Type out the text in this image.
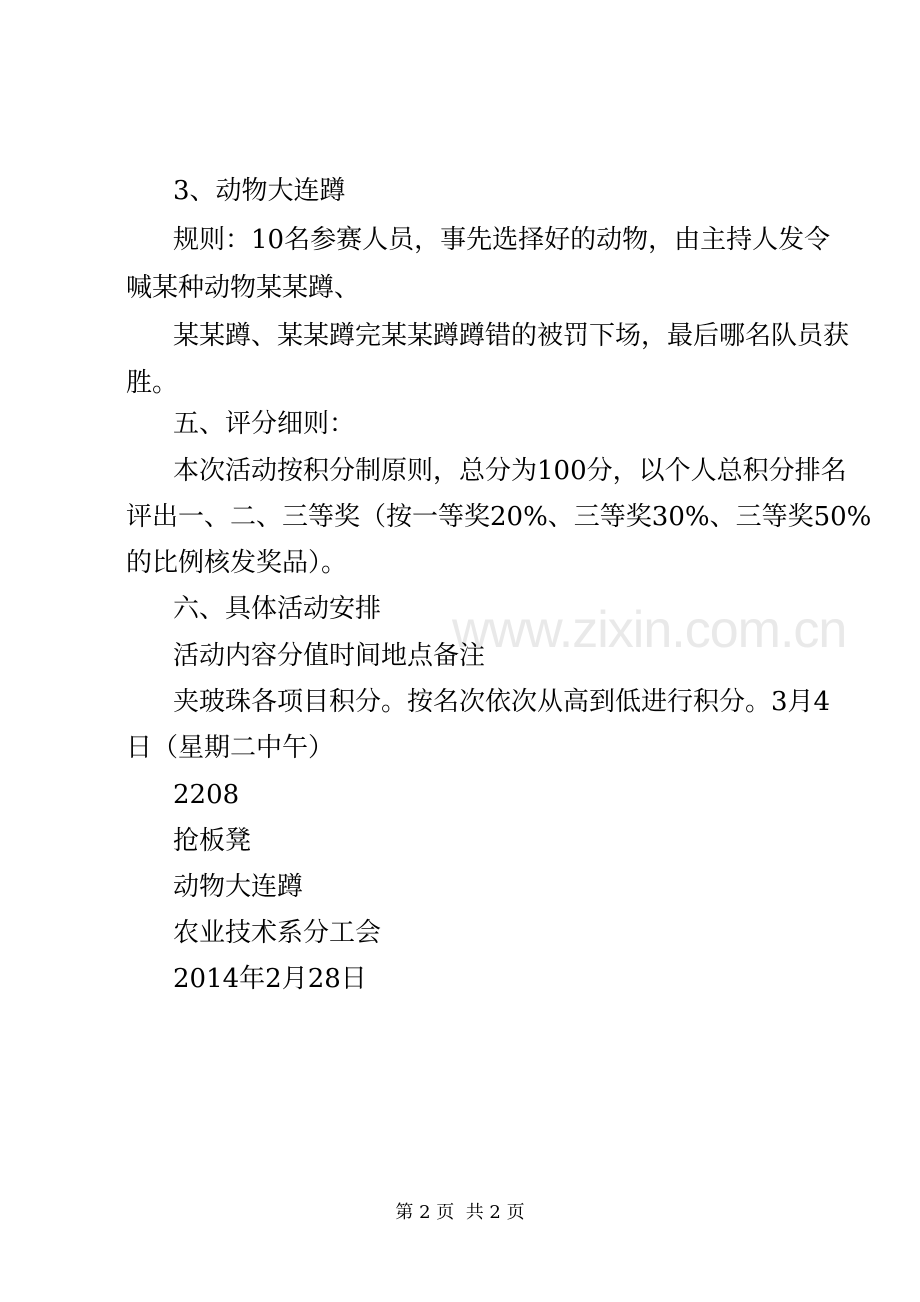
www.zixin.com.cn
3、动物大连蹲
规则：10名参赛人员，事先选择好的动物，由主持人发令
喊某种动物某某蹲、
某某蹲、某某蹲完某某蹲蹲错的被罚下场，最后哪名队员获
胜。
五、评分细则：
本次活动按积分制原则，总分为100分，以个人总积分排名
评出一、二、三等奖（按一等奖20%、三等奖30%、三等奖50%
的比例核发奖品）。
六、具体活动安排
活动内容分值时间地点备注
夹玻珠各项目积分。按名次依次从高到低进行积分。3月4
日（星期二中午）
2208
抢板凳
动物大连蹲
农业技术系分工会
2014年2月28日
第 2 页  共 2 页
